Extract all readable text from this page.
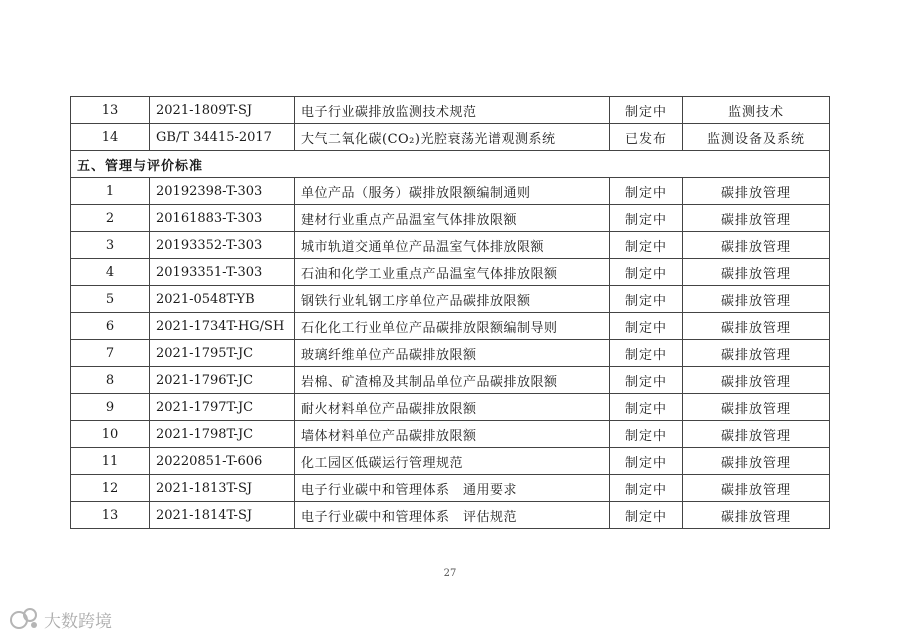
13	2021-1809T-SJ	电子行业碳排放监测技术规范	制定中	监测技术
14	GB/T 34415-2017	大气二氧化碳(CO₂)光腔衰荡光谱观测系统	已发布	监测设备及系统
五、管理与评价标准				
1	20192398-T-303	单位产品（服务）碳排放限额编制通则	制定中	碳排放管理
2	20161883-T-303	建材行业重点产品温室气体排放限额	制定中	碳排放管理
3	20193352-T-303	城市轨道交通单位产品温室气体排放限额	制定中	碳排放管理
4	20193351-T-303	石油和化学工业重点产品温室气体排放限额	制定中	碳排放管理
5	2021-0548T-YB	钢铁行业轧钢工序单位产品碳排放限额	制定中	碳排放管理
6	2021-1734T-HG/SH	石化化工行业单位产品碳排放限额编制导则	制定中	碳排放管理
7	2021-1795T-JC	玻璃纤维单位产品碳排放限额	制定中	碳排放管理
8	2021-1796T-JC	岩棉、矿渣棉及其制品单位产品碳排放限额	制定中	碳排放管理
9	2021-1797T-JC	耐火材料单位产品碳排放限额	制定中	碳排放管理
10	2021-1798T-JC	墙体材料单位产品碳排放限额	制定中	碳排放管理
11	20220851-T-606	化工园区低碳运行管理规范	制定中	碳排放管理
12	2021-1813T-SJ	电子行业碳中和管理体系　通用要求	制定中	碳排放管理
13	2021-1814T-SJ	电子行业碳中和管理体系　评估规范	制定中	碳排放管理
27
大数跨境
